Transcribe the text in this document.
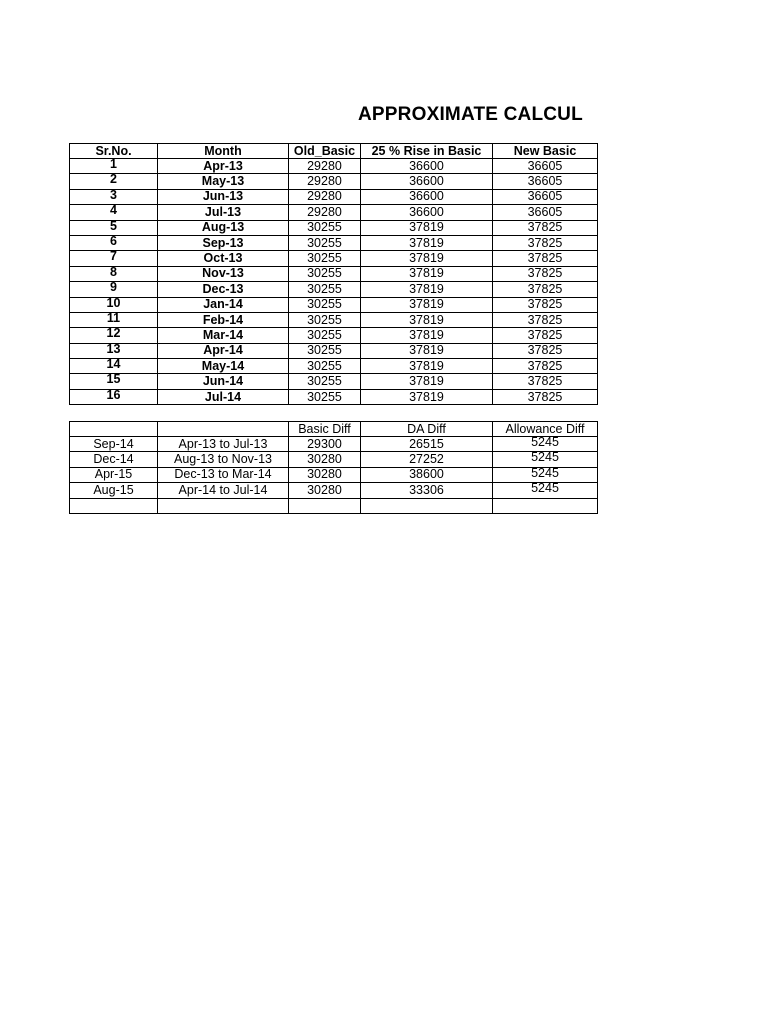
APPROXIMATE CALCUL
Sr.No.	Month	Old_Basic	25 % Rise in Basic	New Basic
1	Apr-13	29280	36600	36605
2	May-13	29280	36600	36605
3	Jun-13	29280	36600	36605
4	Jul-13	29280	36600	36605
5	Aug-13	30255	37819	37825
6	Sep-13	30255	37819	37825
7	Oct-13	30255	37819	37825
8	Nov-13	30255	37819	37825
9	Dec-13	30255	37819	37825
10	Jan-14	30255	37819	37825
11	Feb-14	30255	37819	37825
12	Mar-14	30255	37819	37825
13	Apr-14	30255	37819	37825
14	May-14	30255	37819	37825
15	Jun-14	30255	37819	37825
16	Jul-14	30255	37819	37825
		Basic Diff	DA Diff	Allowance Diff
Sep-14	Apr-13 to Jul-13	29300	26515	5245
Dec-14	Aug-13 to Nov-13	30280	27252	5245
Apr-15	Dec-13 to Mar-14	30280	38600	5245
Aug-15	Apr-14 to Jul-14	30280	33306	5245
